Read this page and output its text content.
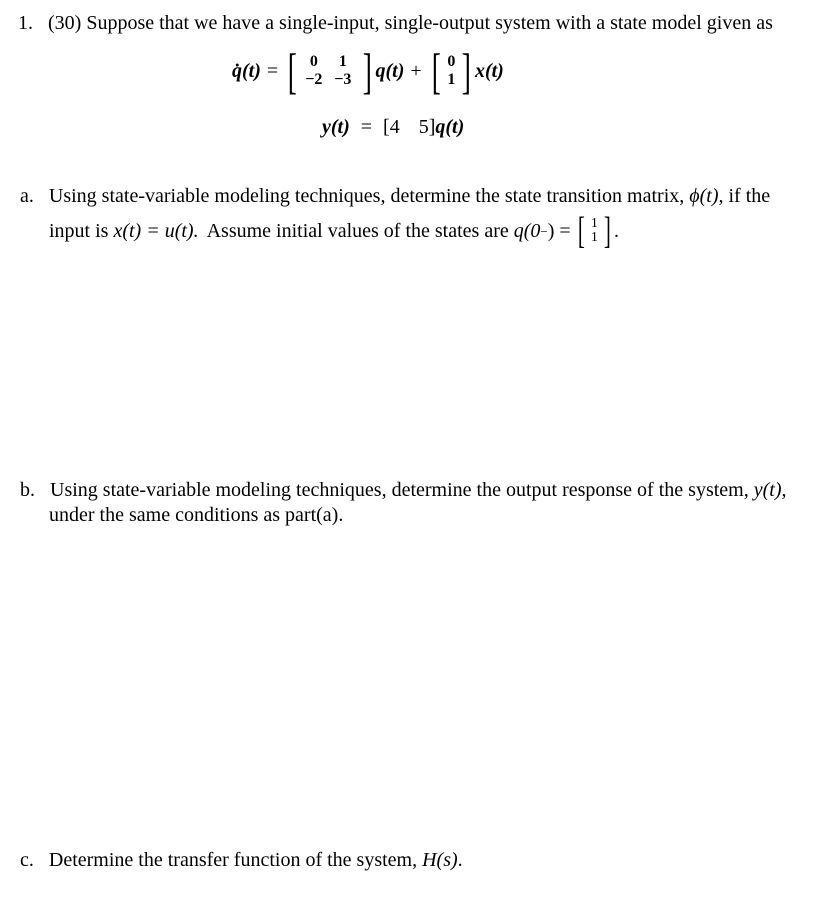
1. (30) Suppose that we have a single-input, single-output system with a state model given as
q̇(t) = [ 0	1
−2 −3 ] q(t) + [ 0
1 ] x(t)
y(t) = [4 5]q(t)
a. Using state-variable modeling techniques, determine the state transition matrix, ϕ(t), if the
input is x(t) = u(t). Assume initial values of the states are q(0 − ) = [ 1
1 ] .
b. Using state-variable modeling techniques, determine the output response of the system, y(t),
under the same conditions as part(a).
c. Determine the transfer function of the system, H(s).
